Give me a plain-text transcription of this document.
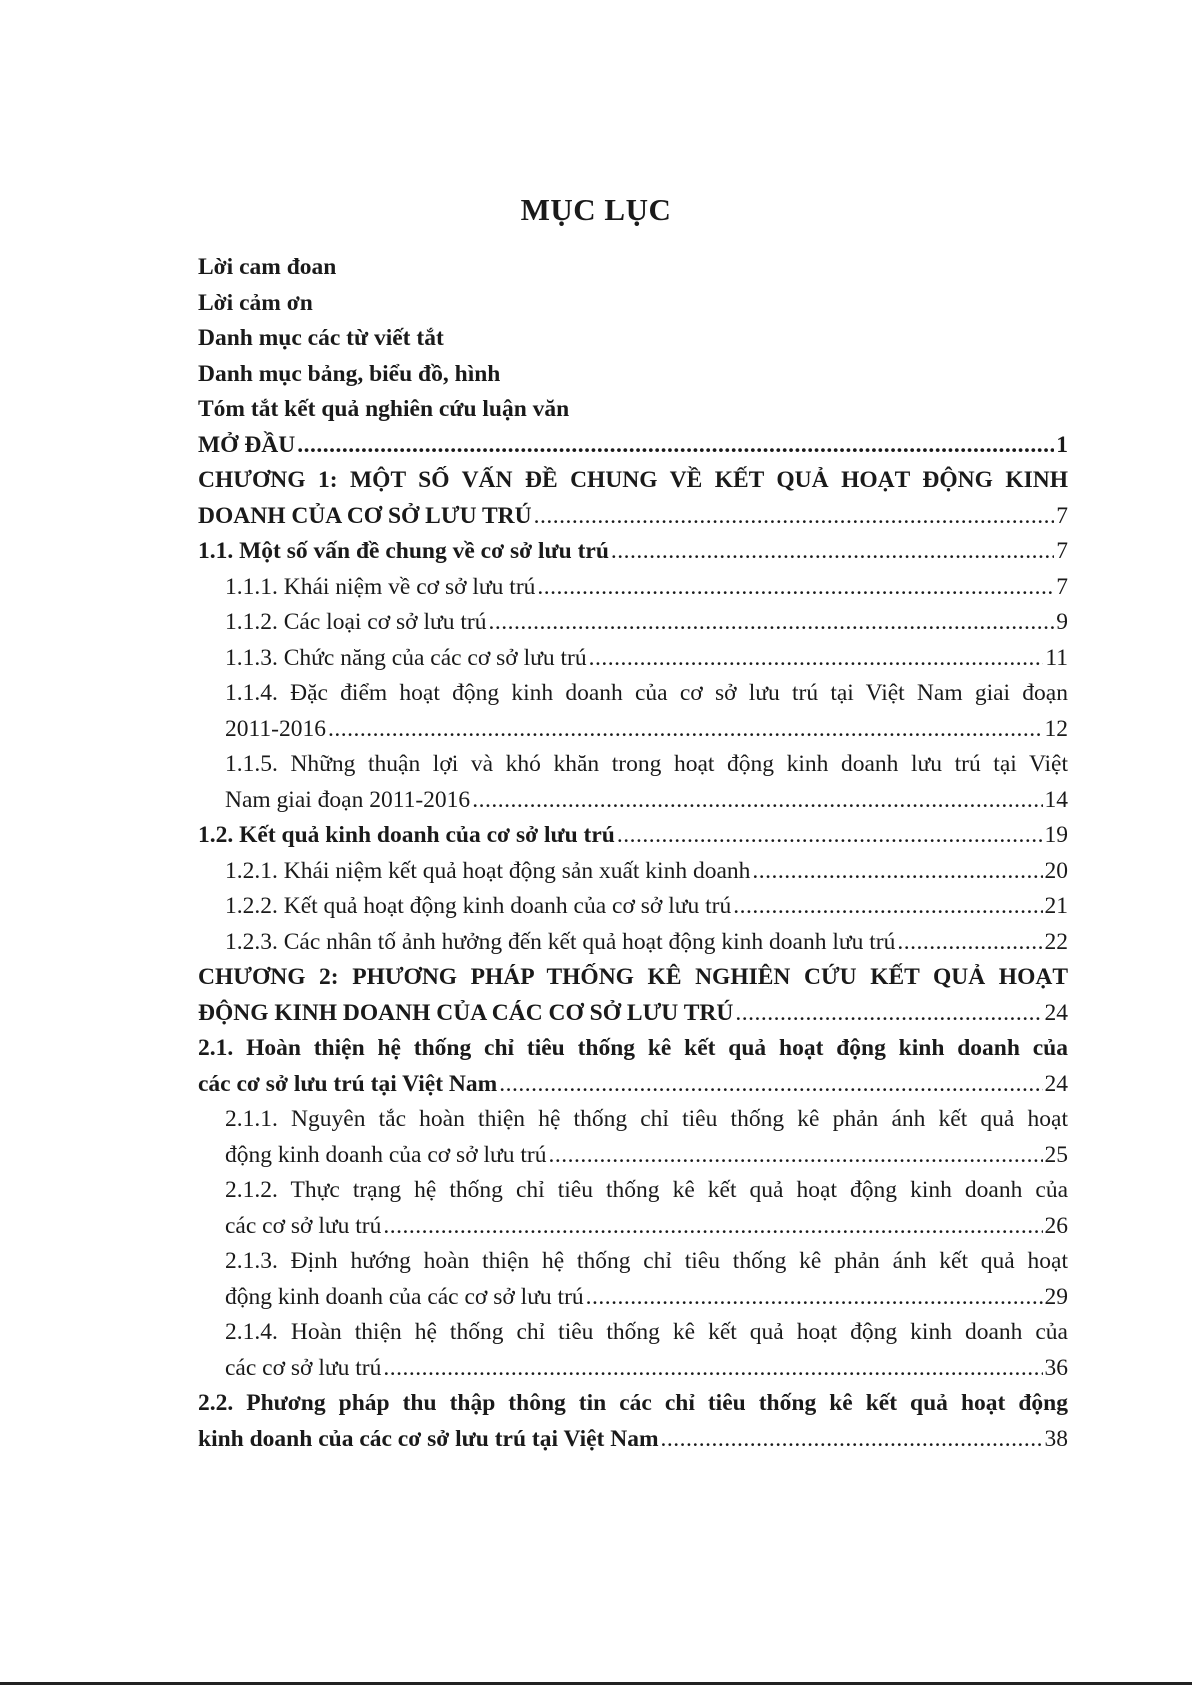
MỤC LỤC
Lời cam đoan
Lời cảm ơn
Danh mục các từ viết tắt
Danh mục bảng, biểu đồ, hình
Tóm tắt kết quả nghiên cứu luận văn
MỞ ĐẦU .....	1
CHƯƠNG 1: MỘT SỐ VẤN ĐỀ CHUNG VỀ KẾT QUẢ HOẠT ĐỘNG KINH
DOANH CỦA CƠ SỞ LƯU TRÚ .....	7
1.1. Một số vấn đề chung về cơ sở lưu trú .....	7
1.1.1. Khái niệm về cơ sở lưu trú .....	7
1.1.2. Các loại cơ sở lưu trú .....	9
1.1.3. Chức năng của các cơ sở lưu trú .....	11
1.1.4. Đặc điểm hoạt động kinh doanh của cơ sở lưu trú tại Việt Nam giai đoạn
2011-2016 .....	12
1.1.5. Những thuận lợi và khó khăn trong hoạt động kinh doanh lưu trú tại Việt
Nam giai đoạn 2011-2016 .....	14
1.2. Kết quả kinh doanh của cơ sở lưu trú .....	19
1.2.1. Khái niệm kết quả hoạt động sản xuất kinh doanh .....	20
1.2.2. Kết quả hoạt động kinh doanh của cơ sở lưu trú .....	21
1.2.3. Các nhân tố ảnh hưởng đến kết quả hoạt động kinh doanh lưu trú .....	22
CHƯƠNG 2: PHƯƠNG PHÁP THỐNG KÊ NGHIÊN CỨU KẾT QUẢ HOẠT
ĐỘNG KINH DOANH CỦA CÁC CƠ SỞ LƯU TRÚ .....	24
2.1. Hoàn thiện hệ thống chỉ tiêu thống kê kết quả hoạt động kinh doanh của
các cơ sở lưu trú tại Việt Nam .....	24
2.1.1. Nguyên tắc hoàn thiện hệ thống chỉ tiêu thống kê phản ánh kết quả hoạt
động kinh doanh của cơ sở lưu trú .....	25
2.1.2. Thực trạng hệ thống chỉ tiêu thống kê kết quả hoạt động kinh doanh của
các cơ sở lưu trú .....	26
2.1.3. Định hướng hoàn thiện hệ thống chỉ tiêu thống kê phản ánh kết quả hoạt
động kinh doanh của các cơ sở lưu trú .....	29
2.1.4. Hoàn thiện hệ thống chỉ tiêu thống kê kết quả hoạt động kinh doanh của
các cơ sở lưu trú .....	36
2.2. Phương pháp thu thập thông tin các chỉ tiêu thống kê kết quả hoạt động
kinh doanh của các cơ sở lưu trú tại Việt Nam .....	38
